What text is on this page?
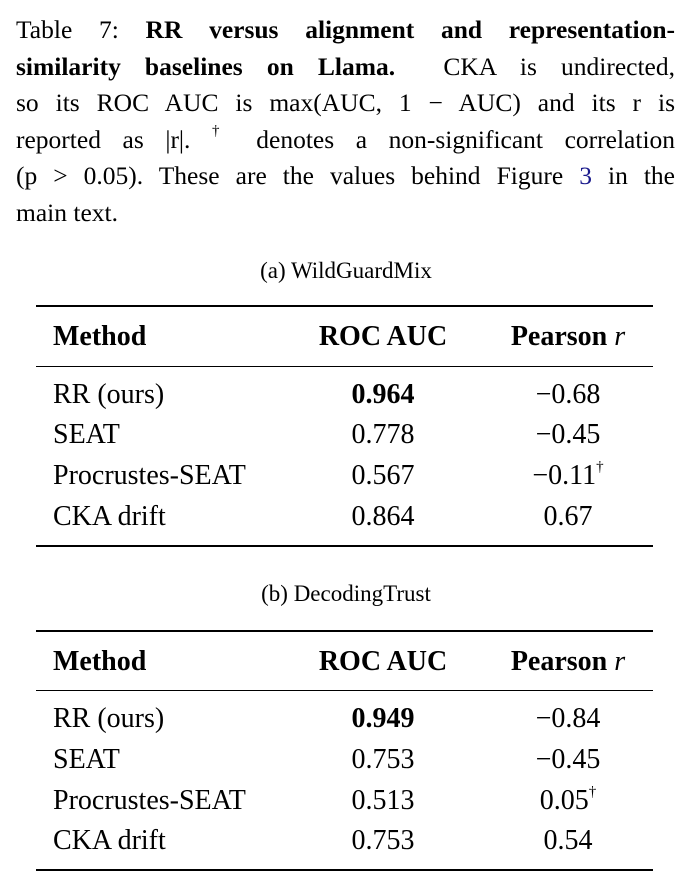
Table 7: RR versus alignment and representation-
similarity baselines on Llama. CKA is undirected,
so its ROC AUC is max(AUC, 1 − AUC) and its r is
reported as |r|. † denotes a non-significant correlation
(p > 0.05). These are the values behind Figure 3 in the
main text.
(a) WildGuardMix
Method	ROC AUC	Pearson r
RR (ours)	0.964	−0.68
SEAT	0.778	−0.45
Procrustes-SEAT	0.567	−0.11†
CKA drift	0.864	0.67
(b) DecodingTrust
Method	ROC AUC	Pearson r
RR (ours)	0.949	−0.84
SEAT	0.753	−0.45
Procrustes-SEAT	0.513	0.05†
CKA drift	0.753	0.54
